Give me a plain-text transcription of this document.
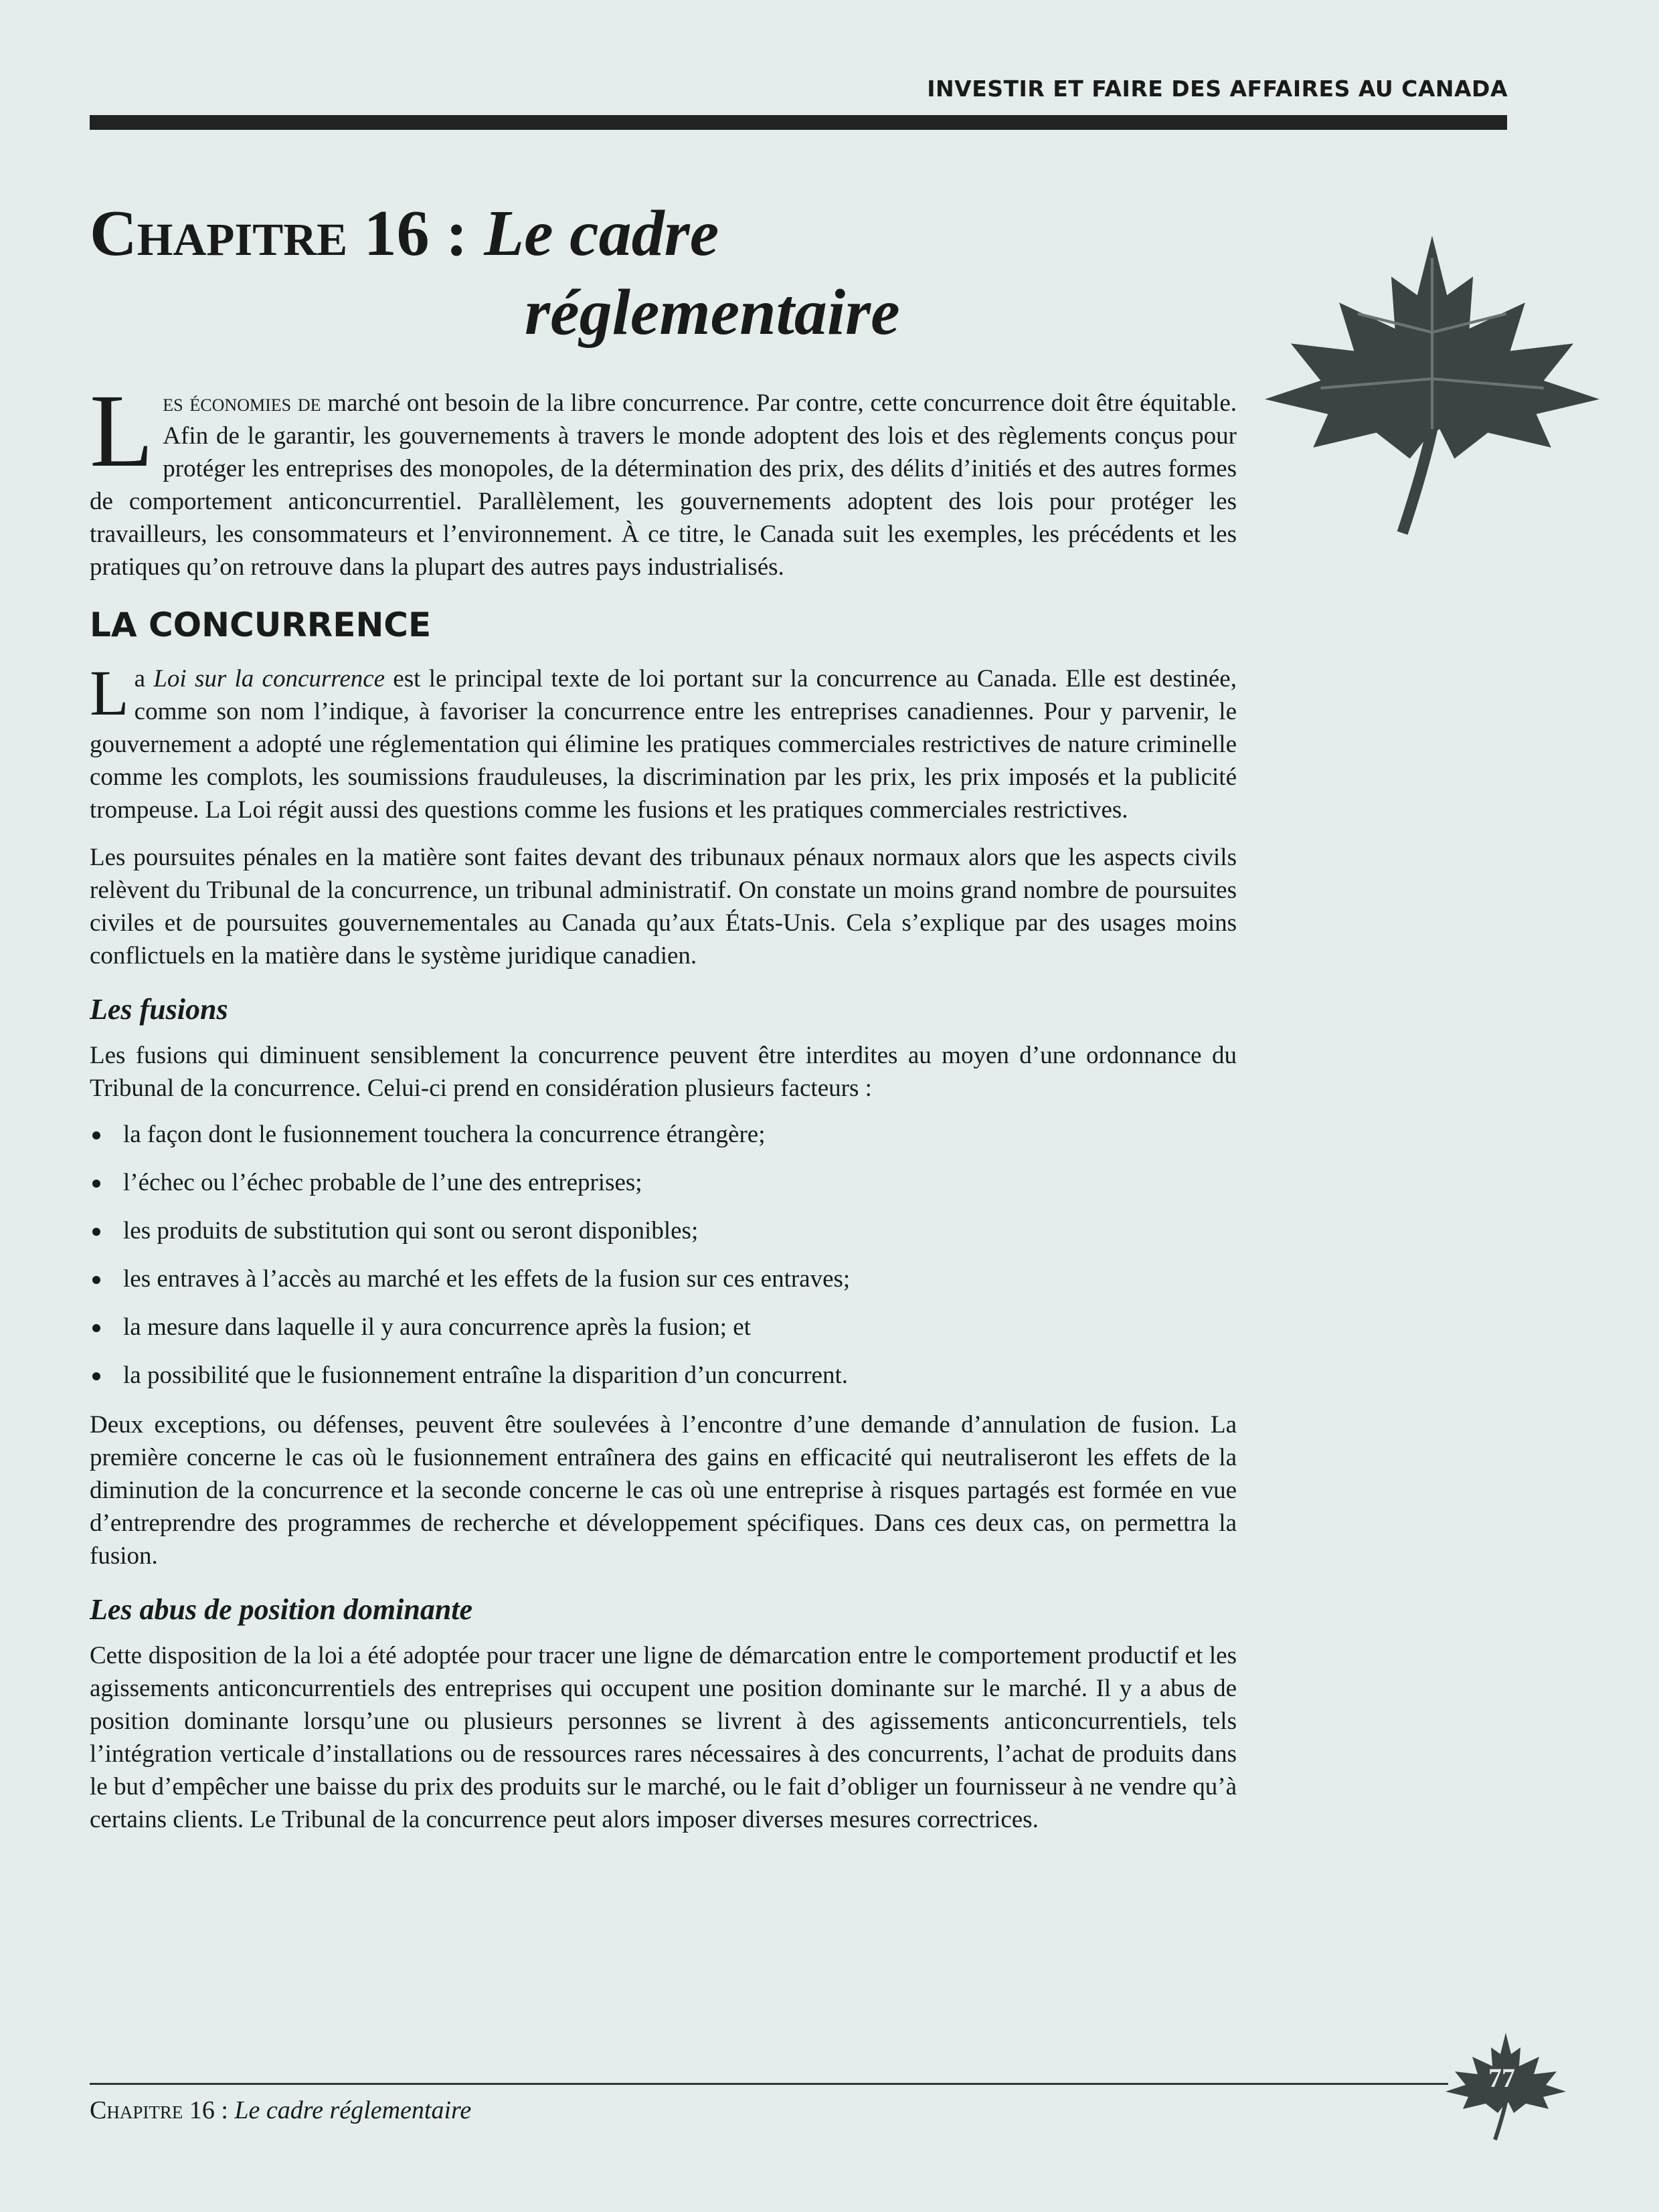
INVESTIR ET FAIRE DES AFFAIRES AU CANADA
Chapitre 16 : Le cadre
réglementaire

Les économies de marché ont besoin de la libre concurrence. Par contre, cette concurrence doit être équitable. Afin de le garantir, les gouvernements à travers le monde adoptent des lois et des règlements conçus pour protéger les entreprises des monopoles, de la détermination des prix, des délits d’initiés et des autres formes de comportement anticoncurrentiel. Parallèlement, les gouvernements adoptent des lois pour protéger les travailleurs, les consommateurs et l’environnement. À ce titre, le Canada suit les exemples, les précédents et les pratiques qu’on retrouve dans la plupart des autres pays industrialisés.

LA CONCURRENCE

La Loi sur la concurrence est le principal texte de loi portant sur la concurrence au Canada. Elle est destinée, comme son nom l’indique, à favoriser la concurrence entre les entreprises canadiennes. Pour y parvenir, le gouvernement a adopté une réglementation qui élimine les pratiques commerciales restrictives de nature criminelle comme les complots, les soumissions frauduleuses, la discrimination par les prix, les prix imposés et la publicité trompeuse. La Loi régit aussi des questions comme les fusions et les pratiques commerciales restrictives.

Les poursuites pénales en la matière sont faites devant des tribunaux pénaux normaux alors que les aspects civils relèvent du Tribunal de la concurrence, un tribunal administratif. On constate un moins grand nombre de poursuites civiles et de poursuites gouvernementales au Canada qu’aux États-Unis. Cela s’explique par des usages moins conflictuels en la matière dans le système juridique canadien.

Les fusions

Les fusions qui diminuent sensiblement la concurrence peuvent être interdites au moyen d’une ordonnance du Tribunal de la concurrence. Celui-ci prend en considération plusieurs facteurs :

la façon dont le fusionnement touchera la concurrence étrangère;
l’échec ou l’échec probable de l’une des entreprises;
les produits de substitution qui sont ou seront disponibles;
les entraves à l’accès au marché et les effets de la fusion sur ces entraves;
la mesure dans laquelle il y aura concurrence après la fusion; et
la possibilité que le fusionnement entraîne la disparition d’un concurrent.

Deux exceptions, ou défenses, peuvent être soulevées à l’encontre d’une demande d’annulation de fusion. La première concerne le cas où le fusionnement entraînera des gains en efficacité qui neutraliseront les effets de la diminution de la concurrence et la seconde concerne le cas où une entreprise à risques partagés est formée en vue d’entreprendre des programmes de recherche et développement spécifiques. Dans ces deux cas, on permettra la fusion.

Les abus de position dominante

Cette disposition de la loi a été adoptée pour tracer une ligne de démarcation entre le comportement productif et les agissements anticoncurrentiels des entreprises qui occupent une position dominante sur le marché. Il y a abus de position dominante lorsqu’une ou plusieurs personnes se livrent à des agissements anticoncurrentiels, tels l’intégration verticale d’installations ou de ressources rares nécessaires à des concurrents, l’achat de produits dans le but d’empêcher une baisse du prix des produits sur le marché, ou le fait d’obliger un fournisseur à ne vendre qu’à certains clients. Le Tribunal de la concurrence peut alors imposer diverses mesures correctrices.

Chapitre 16 : Le cadre réglementaire
77
